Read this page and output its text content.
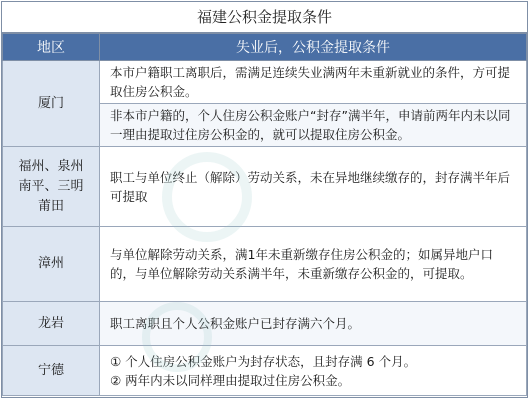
福建公积金提取条件
地区	失业后，公积金提取条件
厦门	本市户籍职工离职后，需满足连续失业满两年未重新就业的条件，方可提取住房公积金。
	非本市户籍的，个人住房公积金账户“封存”满半年，申请前两年内未以同一理由提取过住房公积金的，就可以提取住房公积金。
福州、泉州
南平、三明
莆田	职工与单位终止（解除）劳动关系，未在异地继续缴存的，封存满半年后可提取
漳州	与单位解除劳动关系，满1年未重新缴存住房公积金的；如属异地户口的，与单位解除劳动关系满半年，未重新缴存公积金的，可提取。
龙岩	职工离职且个人公积金账户已封存满六个月。
宁德	① 个人住房公积金账户为封存状态，且封存满 6 个月。
② 两年内未以同样理由提取过住房公积金。
